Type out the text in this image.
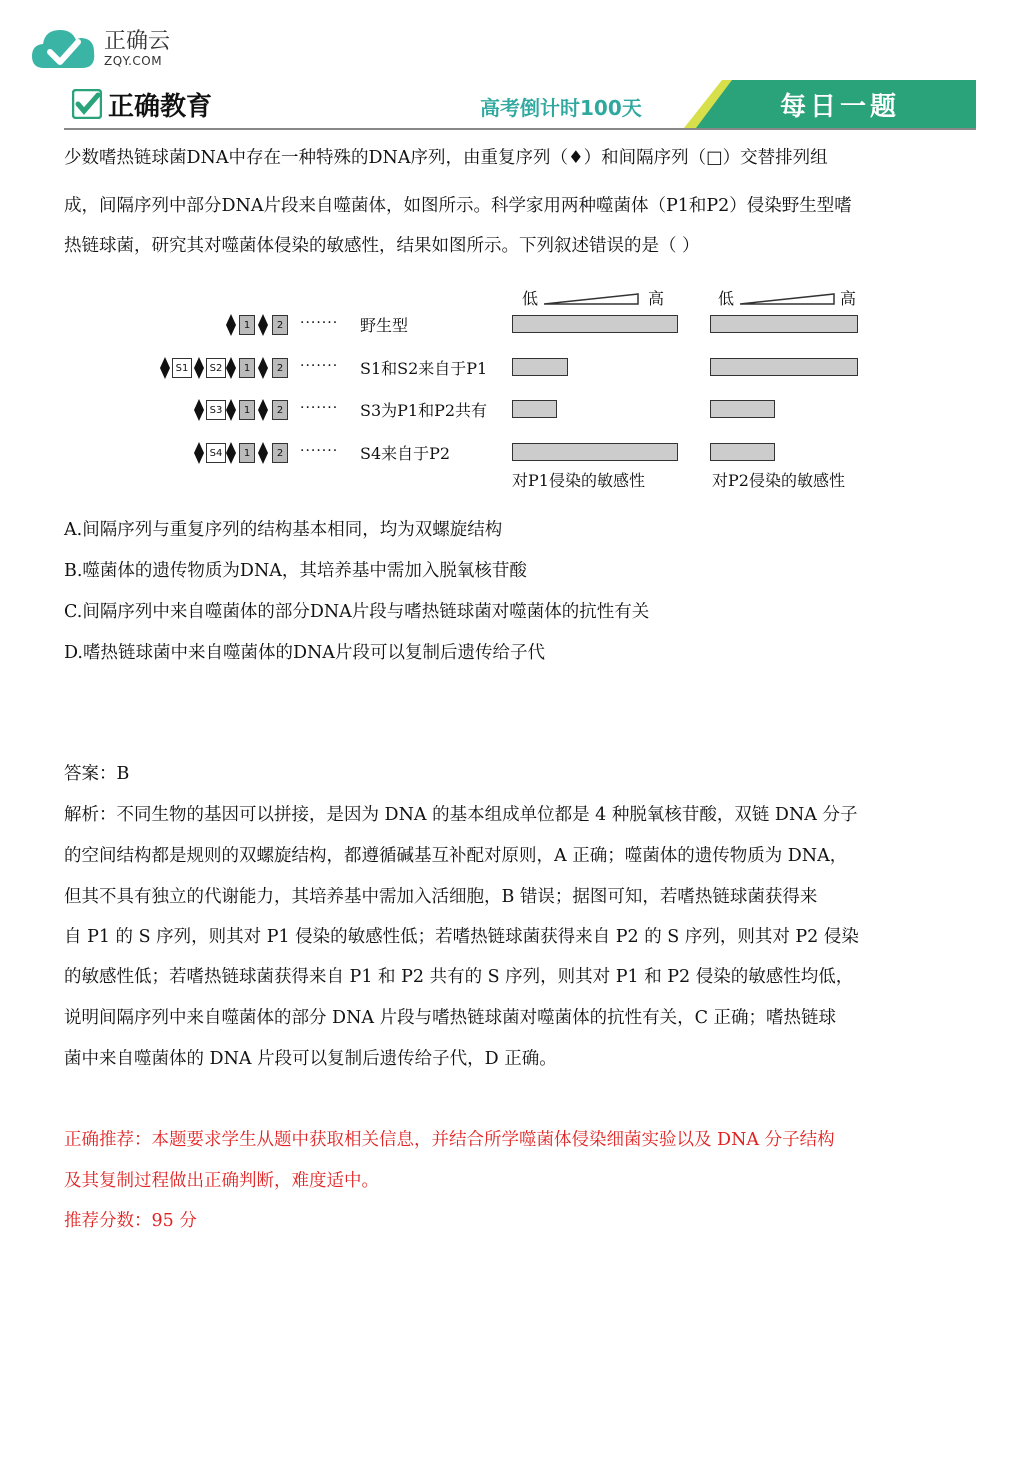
正确云
ZQY.COM
正确教育	高考倒计时100天	每日一题
少数嗜热链球菌DNA中存在一种特殊的DNA序列，由重复序列（♦）和间隔序列（□）交替排列组
成，间隔序列中部分DNA片段来自噬菌体，如图所示。科学家用两种噬菌体（P1和P2）侵染野生型嗜
热链球菌，研究其对噬菌体侵染的敏感性，结果如图所示。下列叙述错误的是（ ）
1	2	······· 野生型
S1	S2	1	2	······· S1和S2来自于P1
S3	1	2	······· S3为P1和P2共有
S4	1	2	······· S4来自于P2
低	高
对P1侵染的敏感性
低	高
对P2侵染的敏感性
A.间隔序列与重复序列的结构基本相同，均为双螺旋结构
B.噬菌体的遗传物质为DNA，其培养基中需加入脱氧核苷酸
C.间隔序列中来自噬菌体的部分DNA片段与嗜热链球菌对噬菌体的抗性有关
D.嗜热链球菌中来自噬菌体的DNA片段可以复制后遗传给子代
答案：B
解析：不同生物的基因可以拼接，是因为 DNA 的基本组成单位都是 4 种脱氧核苷酸，双链 DNA 分子
的空间结构都是规则的双螺旋结构，都遵循碱基互补配对原则，A 正确；噬菌体的遗传物质为 DNA，
但其不具有独立的代谢能力，其培养基中需加入活细胞，B 错误；据图可知，若嗜热链球菌获得来
自 P1 的 S 序列，则其对 P1 侵染的敏感性低；若嗜热链球菌获得来自 P2 的 S 序列，则其对 P2 侵染
的敏感性低；若嗜热链球菌获得来自 P1 和 P2 共有的 S 序列，则其对 P1 和 P2 侵染的敏感性均低，
说明间隔序列中来自噬菌体的部分 DNA 片段与嗜热链球菌对噬菌体的抗性有关，C 正确；嗜热链球
菌中来自噬菌体的 DNA 片段可以复制后遗传给子代，D 正确。
正确推荐：本题要求学生从题中获取相关信息，并结合所学噬菌体侵染细菌实验以及 DNA 分子结构
及其复制过程做出正确判断，难度适中。
推荐分数：95 分
